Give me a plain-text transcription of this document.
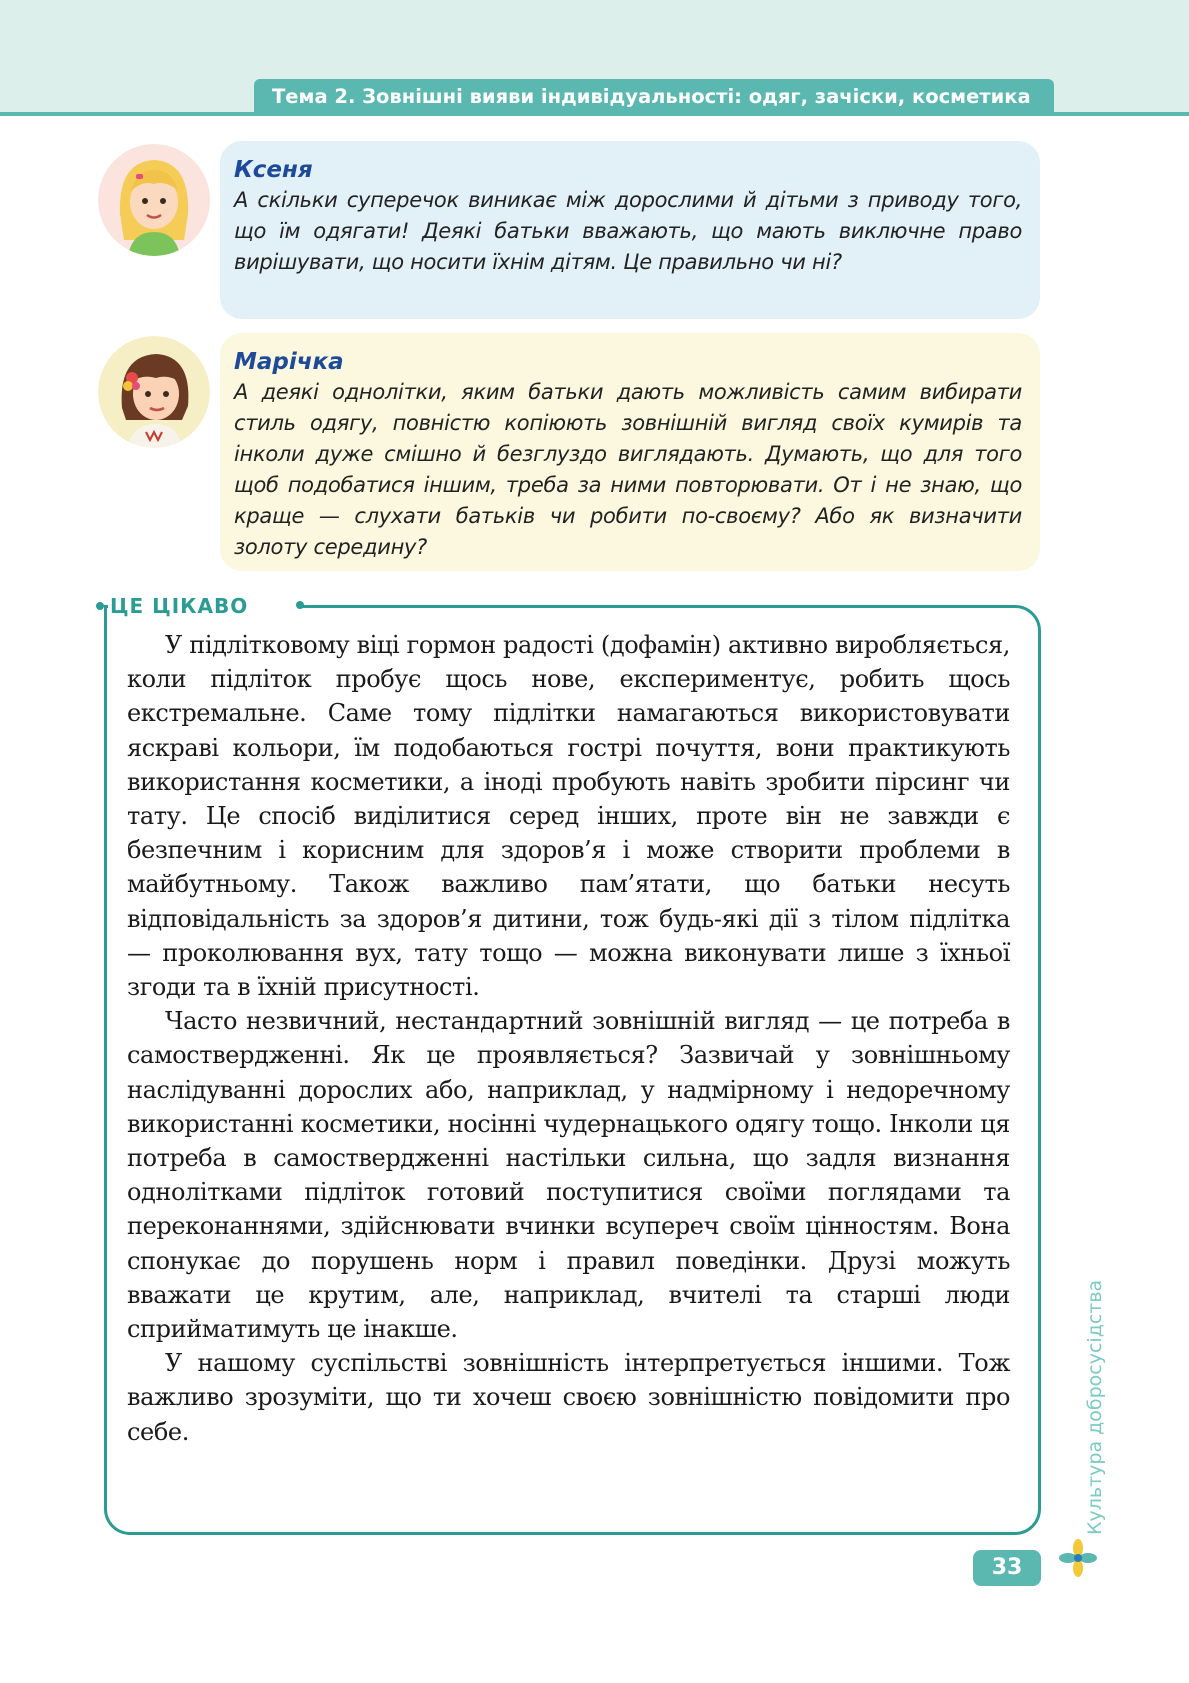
Тема 2. Зовнішні вияви індивідуальності: одяг, зачіски, косметика
Ксеня

А скільки суперечок виникає між дорослими й дітьми з приводу того, що їм одягати! Деякі батьки вважають, що мають виключне право вирішувати, що носити їхнім дітям. Це правильно чи ні?

Марічка

А деякі однолітки, яким батьки дають можливість самим вибирати стиль одягу, повністю копіюють зовнішній вигляд своїх кумирів та інколи дуже смішно й безглуздо виглядають. Думають, що для того щоб подобатися іншим, треба за ними повторювати. От і не знаю, що краще — слухати батьків чи робити по-своєму? Або як визначити золоту середину?

ЦЕ ЦІКАВО

У підлітковому віці гормон радості (дофамін) активно виробляється, коли підліток пробує щось нове, експериментує, робить щось екстремальне. Саме тому підлітки намагаються використовувати яскраві кольори, їм подобаються гострі почуття, вони практикують використання косметики, а іноді пробують навіть зробити пірсинг чи тату. Це спосіб виділитися серед інших, проте він не завжди є безпечним і корисним для здоров’я і може створити проблеми в майбутньому. Також важливо пам’ятати, що батьки несуть відповідальність за здоров’я дитини, тож будь-які дії з тілом підлітка — проколювання вух, тату тощо — можна виконувати лише з їхньої згоди та в їхній присутності.

Часто незвичний, нестандартний зовнішній вигляд — це потреба в самоствердженні. Як це проявляється? Зазвичай у зовнішньому наслідуванні дорослих або, наприклад, у надмірному і недоречному використанні косметики, носінні чудернацького одягу тощо. Інколи ця потреба в самоствердженні настільки сильна, що задля визнання однолітками підліток готовий поступитися своїми поглядами та переконаннями, здійснювати вчинки всупереч своїм цінностям. Вона спонукає до порушень норм і правил поведінки. Друзі можуть вважати це крутим, але, наприклад, вчителі та старші люди сприйматимуть це інакше.

У нашому суспільстві зовнішність інтерпретується іншими. Тож важливо зрозуміти, що ти хочеш своєю зовнішністю повідомити про себе.	Культура добросусідства
33
